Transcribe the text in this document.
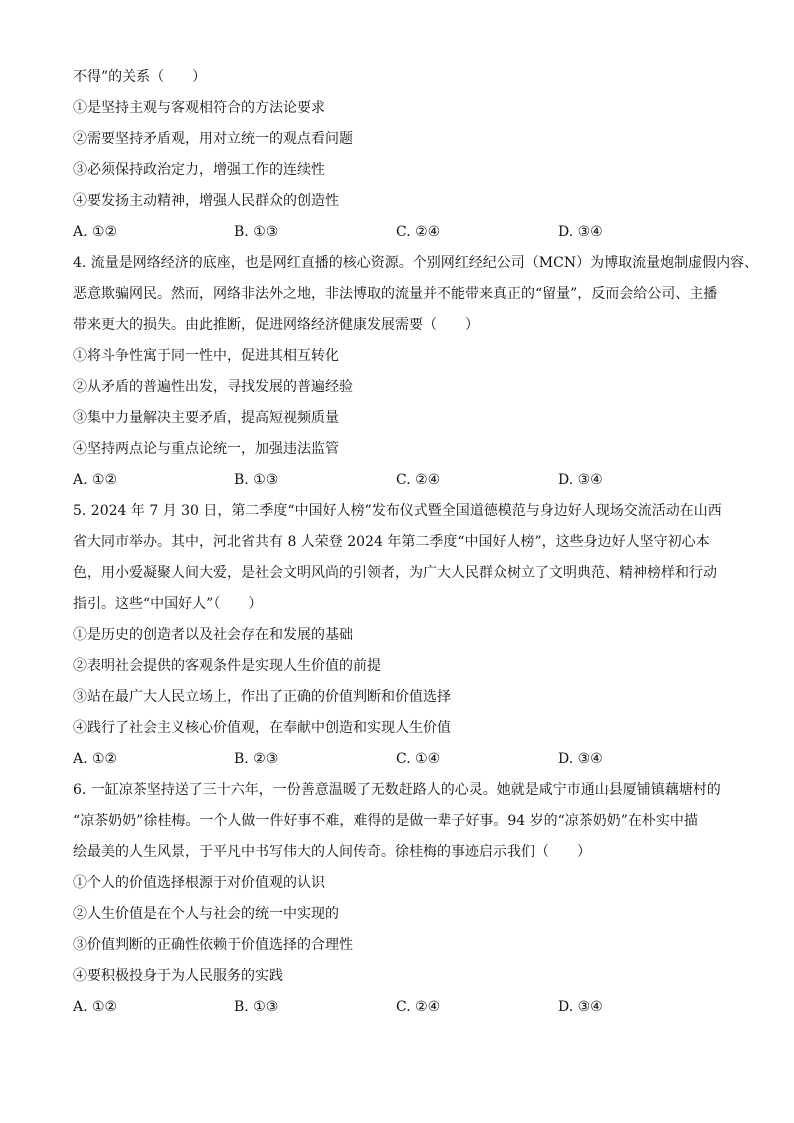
不得”的关系（　　）
①是坚持主观与客观相符合的方法论要求
②需要坚持矛盾观，用对立统一的观点看问题
③必须保持政治定力，增强工作的连续性
④要发扬主动精神，增强人民群众的创造性
A. ①②	B. ①③	C. ②④	D. ③④
4. 流量是网络经济的底座，也是网红直播的核心资源。个别网红经纪公司（MCN）为博取流量炮制虚假内容、
恶意欺骗网民。然而，网络非法外之地，非法博取的流量并不能带来真正的“留量”，反而会给公司、主播
带来更大的损失。由此推断，促进网络经济健康发展需要（　　）
①将斗争性寓于同一性中，促进其相互转化
②从矛盾的普遍性出发，寻找发展的普遍经验
③集中力量解决主要矛盾，提高短视频质量
④坚持两点论与重点论统一，加强违法监管
A. ①②	B. ①③	C. ②④	D. ③④
5. 2024 年 7 月 30 日，第二季度“中国好人榜”发布仪式暨全国道德模范与身边好人现场交流活动在山西
省大同市举办。其中，河北省共有 8 人荣登 2024 年第二季度“中国好人榜”，这些身边好人坚守初心本
色，用小爱凝聚人间大爱，是社会文明风尚的引领者，为广大人民群众树立了文明典范、精神榜样和行动
指引。这些“中国好人”（　　）
①是历史的创造者以及社会存在和发展的基础
②表明社会提供的客观条件是实现人生价值的前提
③站在最广大人民立场上，作出了正确的价值判断和价值选择
④践行了社会主义核心价值观，在奉献中创造和实现人生价值
A. ①②	B. ②③	C. ①④	D. ③④
6. 一缸凉茶坚持送了三十六年，一份善意温暖了无数赶路人的心灵。她就是咸宁市通山县厦铺镇藕塘村的
“凉茶奶奶”徐桂梅。一个人做一件好事不难，难得的是做一辈子好事。94 岁的“凉茶奶奶”在朴实中描
绘最美的人生风景，于平凡中书写伟大的人间传奇。徐桂梅的事迹启示我们（　　）
①个人的价值选择根源于对价值观的认识
②人生价值是在个人与社会的统一中实现的
③价值判断的正确性依赖于价值选择的合理性
④要积极投身于为人民服务的实践
A. ①②	B. ①③	C. ②④	D. ③④
